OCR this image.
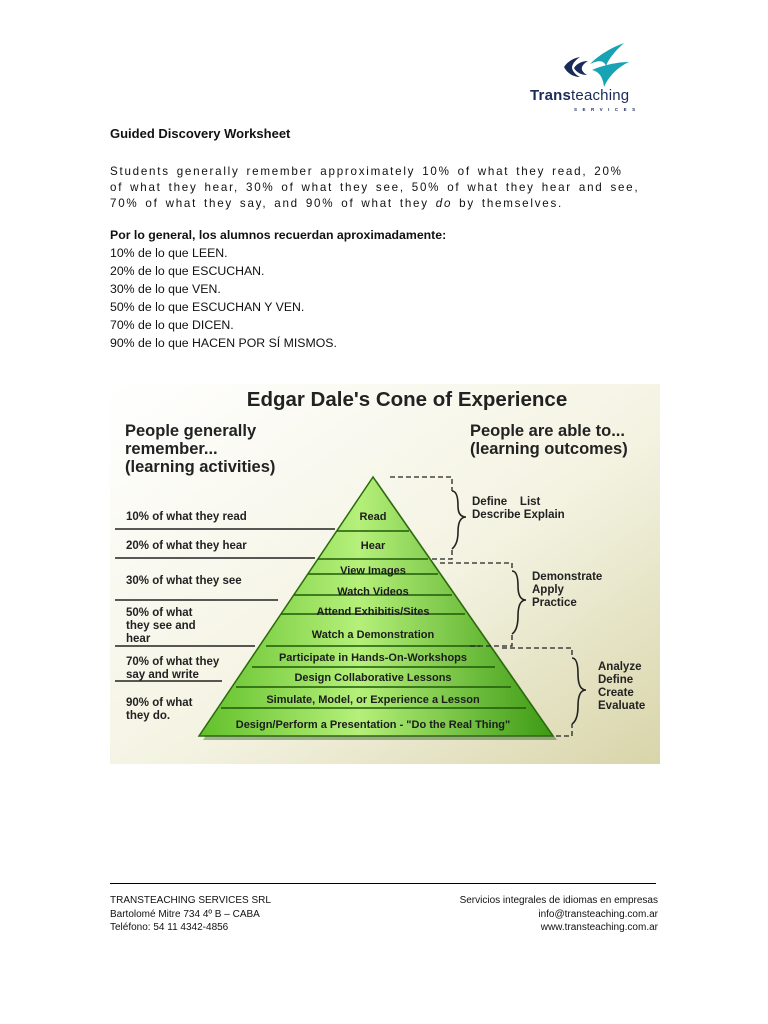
Transteaching
SERVICES
Guided Discovery Worksheet
Students generally remember approximately 10% of what they read, 20%
of what they hear, 30% of what they see, 50% of what they hear and see,
70% of what they say, and 90% of what they do by themselves.
Por lo general, los alumnos recuerdan aproximadamente:
10% de lo que LEEN.
20% de lo que ESCUCHAN.
30% de lo que VEN.
50% de lo que ESCUCHAN Y VEN.
70% de lo que DICEN.
90% de lo que HACEN POR SÍ MISMOS.
Edgar Dale's Cone of Experience
People generally
remember...
(learning activities)
People are able to...
(learning outcomes)
10% of what they read
20% of what they hear
30% of what they see
50% of what
they see and
hear
70% of what they
say and write
90% of what
they do.
Read
Hear
View Images
Watch Videos
Attend Exhibitis/Sites
Watch a Demonstration
Participate in Hands-On-Workshops
Design Collaborative Lessons
Simulate, Model, or Experience a Lesson
Design/Perform a Presentation - "Do the Real Thing"
Define    List
Describe Explain
Demonstrate
Apply
Practice
Analyze
Define
Create
Evaluate
TRANSTEACHING SERVICES SRL
Bartolomé Mitre 734 4º B – CABA
Teléfono: 54 11 4342-4856
Servicios integrales de idiomas en empresas
info@transteaching.com.ar
www.transteaching.com.ar
